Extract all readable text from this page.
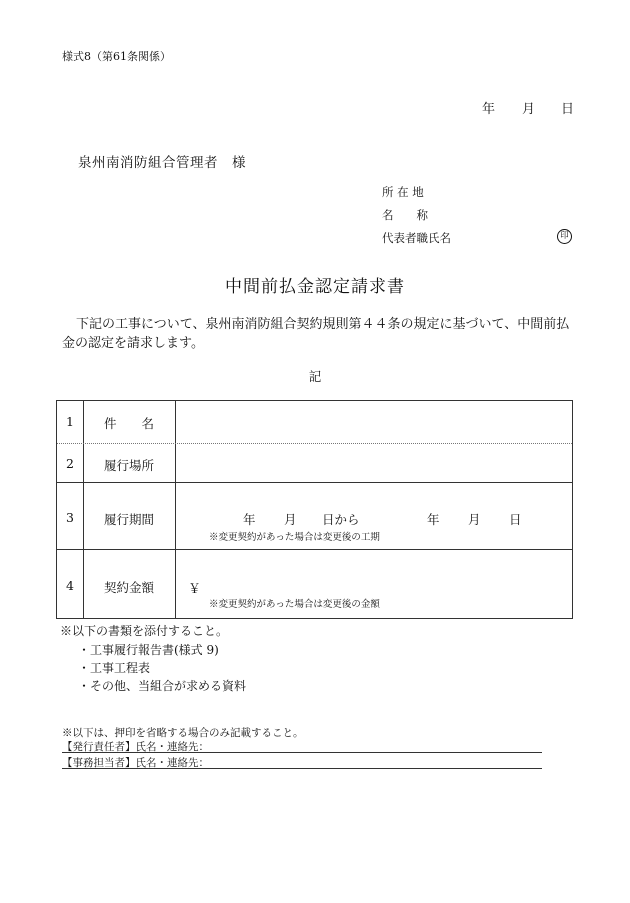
様式8（第61条関係）
年 月 日
泉州南消防組合管理者 様
所 在 地
名　　称
代表者職氏名	印
中間前払金認定請求書
下記の工事について、泉州南消防組合契約規則第４４条の規定に基づいて、中間前払金の認定を請求します。
記
1	件　　名
2	履行場所
3	履行期間	年 月 日から	年 月 日
※変更契約があった場合は変更後の工期
4	契約金額	￥
※変更契約があった場合は変更後の金額
※以下の書類を添付すること。
・工事履行報告書(様式 9)
・工事工程表
・その他、当組合が求める資料
※以下は、押印を省略する場合のみ記載すること。
【発行責任者】氏名・連絡先：
【事務担当者】氏名・連絡先：
